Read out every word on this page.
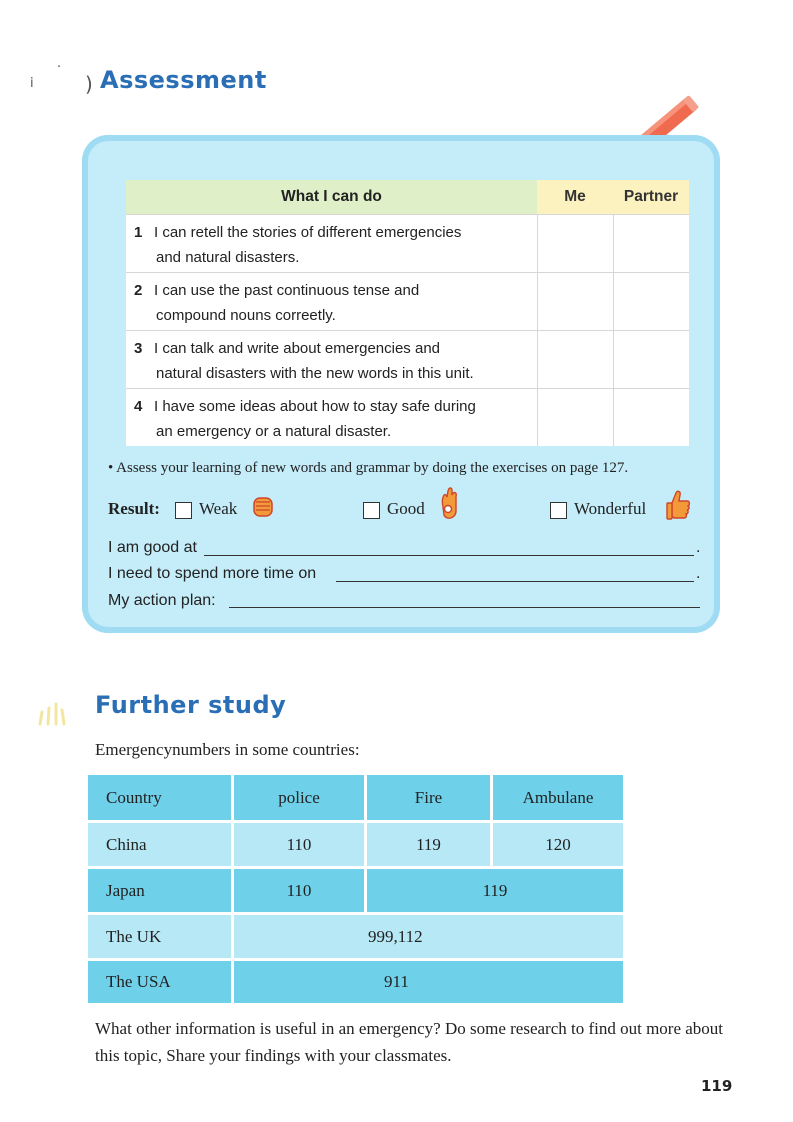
i
·
) Assessment
What I can do	Me	Partner
1 I can retell the stories of different emergencies
and natural disasters.		

2 I can use the past continuous tense and
compound nouns correetly.		

3 I can talk and write about emergencies and
natural disasters with the new words in this unit.		

4 I have some ideas about how to stay safe during
an emergency or a natural disaster.		

• Assess your learning of new words and grammar by doing the exercises on page 127.
Result: Weak	Good	Wonderful
I am good at	.
I need to spend more time on	.
My action plan:
Further study
Emergencynumbers in some countries:
Country	police	Fire	Ambulane
China	110	119	120
Japan	110	119
The UK	999,112
The USA	911
What other information is useful in an emergency? Do some research to find out more about this topic, Share your findings with your classmates.
119
